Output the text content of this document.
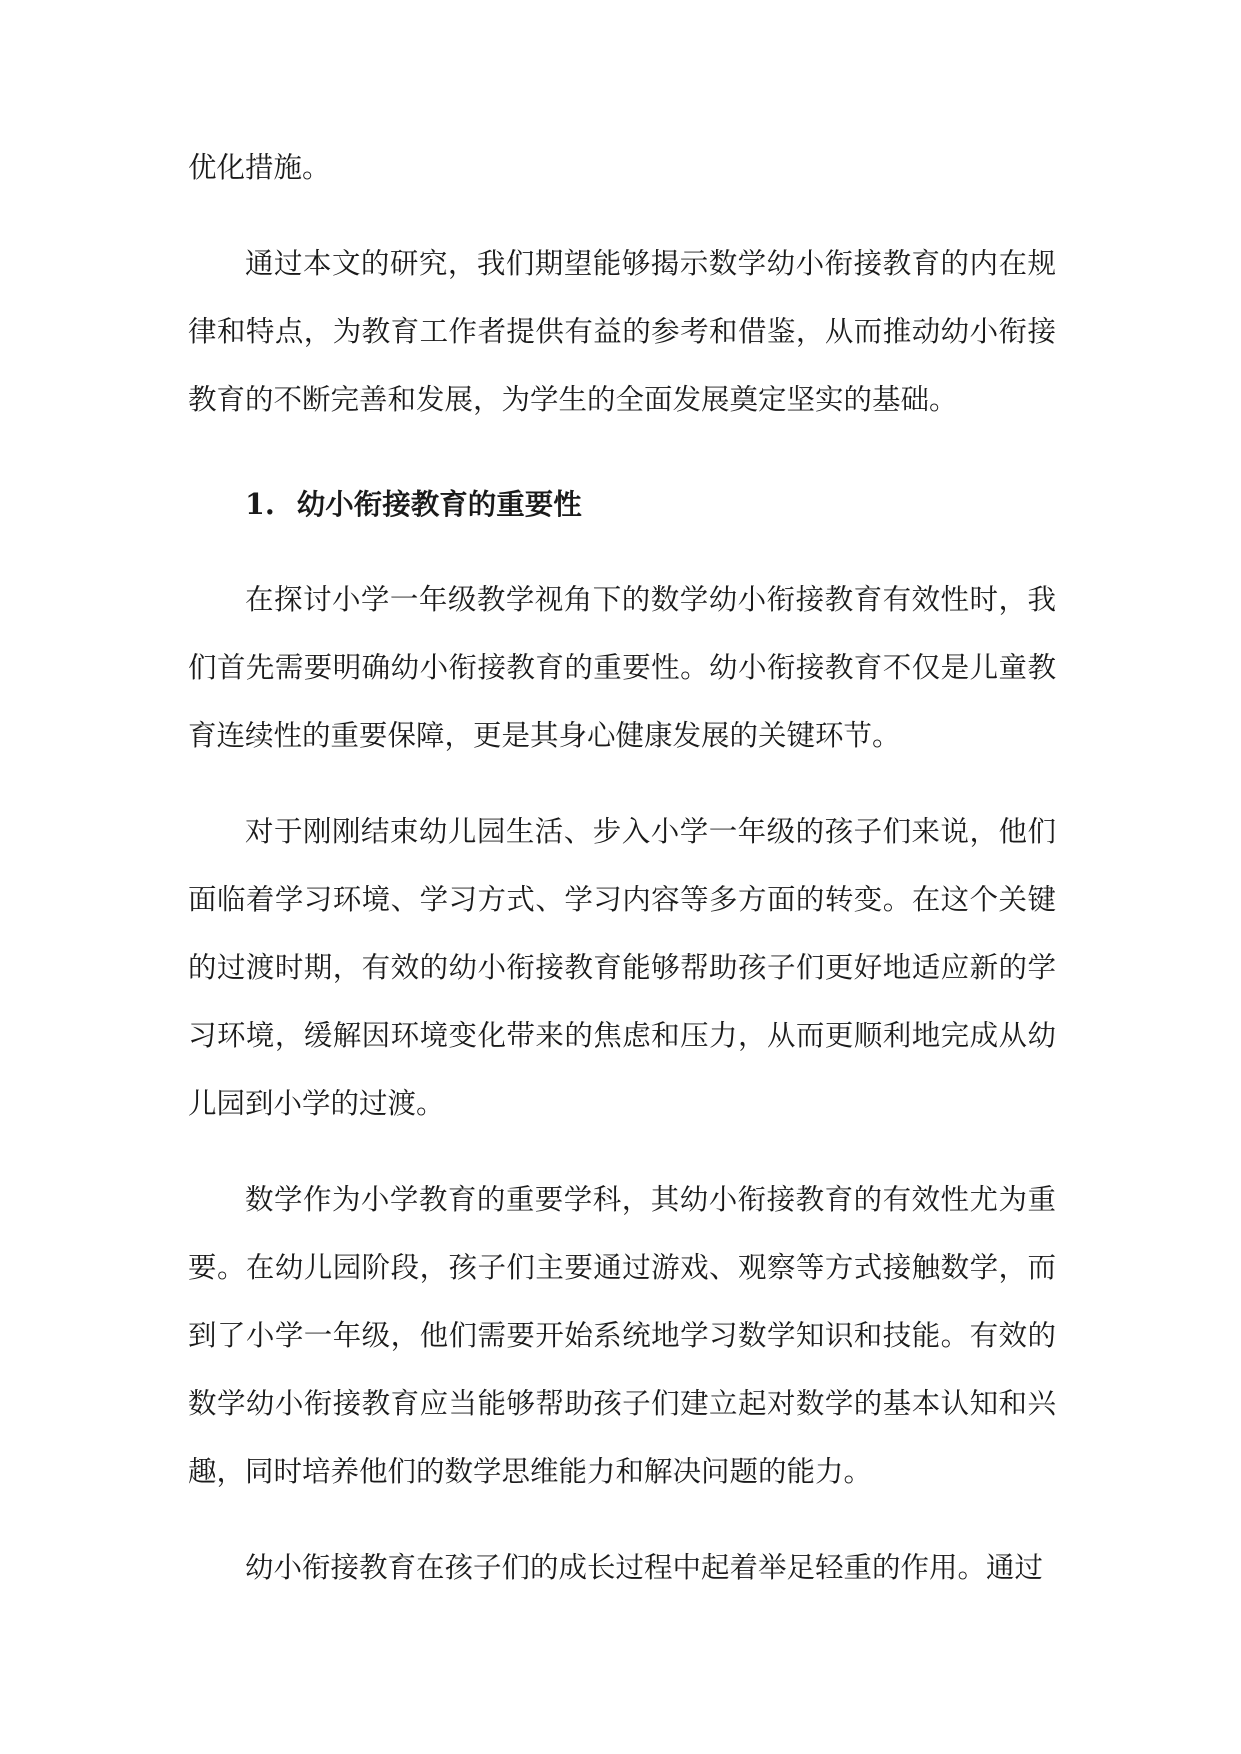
优化措施。

通过本文的研究，我们期望能够揭示数学幼小衔接教育的内在规律和特点，为教育工作者提供有益的参考和借鉴，从而推动幼小衔接教育的不断完善和发展，为学生的全面发展奠定坚实的基础。

1. 幼小衔接教育的重要性

在探讨小学一年级教学视角下的数学幼小衔接教育有效性时，我们首先需要明确幼小衔接教育的重要性。幼小衔接教育不仅是儿童教育连续性的重要保障，更是其身心健康发展的关键环节。

对于刚刚结束幼儿园生活、步入小学一年级的孩子们来说，他们面临着学习环境、学习方式、学习内容等多方面的转变。在这个关键的过渡时期，有效的幼小衔接教育能够帮助孩子们更好地适应新的学习环境，缓解因环境变化带来的焦虑和压力，从而更顺利地完成从幼儿园到小学的过渡。

数学作为小学教育的重要学科，其幼小衔接教育的有效性尤为重要。在幼儿园阶段，孩子们主要通过游戏、观察等方式接触数学，而到了小学一年级，他们需要开始系统地学习数学知识和技能。有效的数学幼小衔接教育应当能够帮助孩子们建立起对数学的基本认知和兴趣，同时培养他们的数学思维能力和解决问题的能力。

幼小衔接教育在孩子们的成长过程中起着举足轻重的作用。通过
